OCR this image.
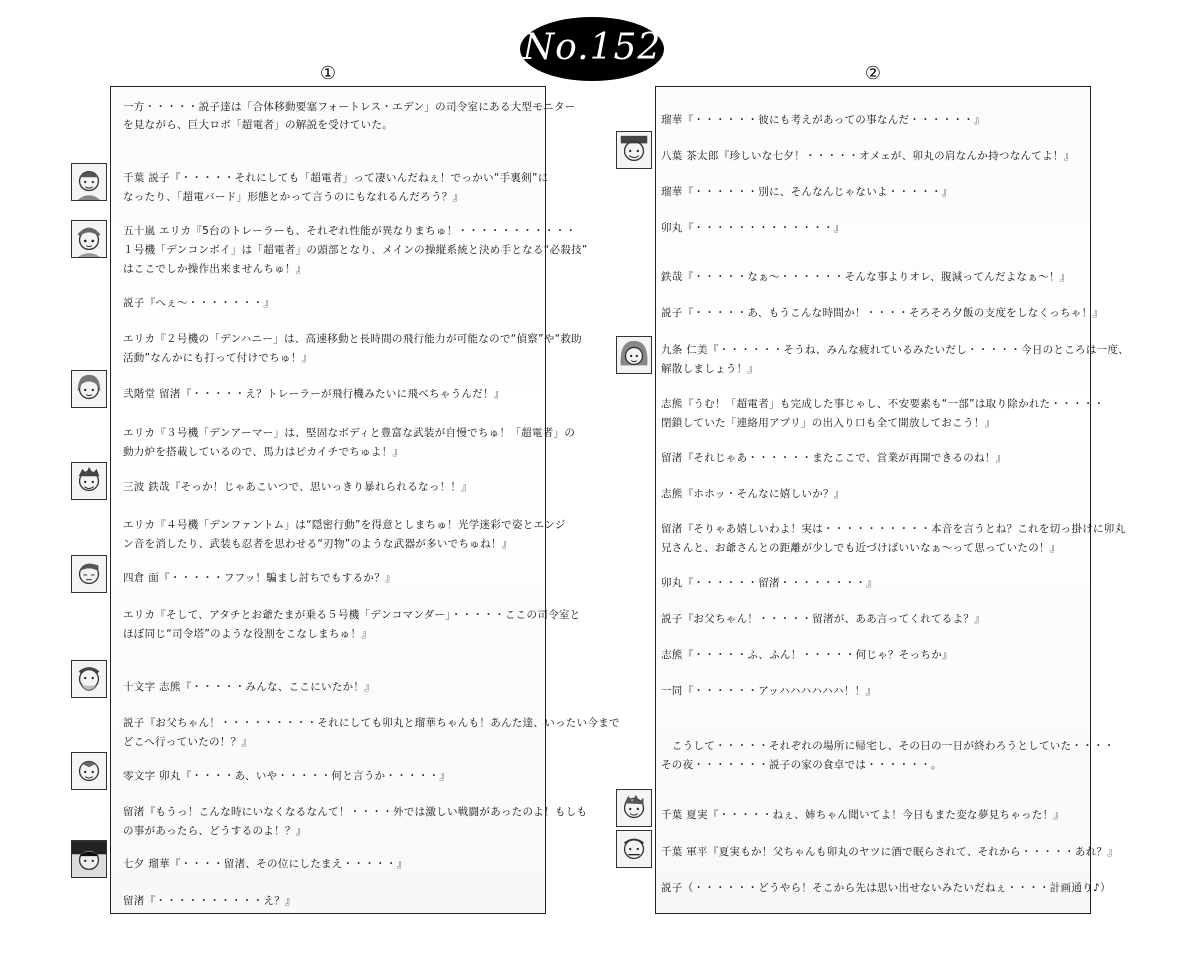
No.152
①	②
一方・・・・・説子達は「合体移動要塞フォートレス・エデン」の司令室にある大型モニター
を見ながら、巨大ロボ「超電者」の解説を受けていた。
千葉 説子『・・・・・それにしても「超電者」って凄いんだねぇ！でっかい“手裏剣”に
なったり、「超電バード」形態とかって言うのにもなれるんだろう？』
五十嵐 エリカ『5台のトレーラーも、それぞれ性能が異なりまちゅ！・・・・・・・・・・・
１号機「デンコンボイ」は「超電者」の頭部となり、メインの操縦系統と決め手となる“必殺技”
はここでしか操作出来ませんちゅ！』
説子『へぇ～・・・・・・・』
エリカ『２号機の「デンハニー」は、高速移動と長時間の飛行能力が可能なので“偵察”や“救助
活動”なんかにも打って付けでちゅ！』
弐階堂 留渚『・・・・・え？トレーラーが飛行機みたいに飛べちゃうんだ！』
エリカ『３号機「デンアーマー」は、堅固なボディと豊富な武装が自慢でちゅ！「超電者」の
動力炉を搭載しているので、馬力はピカイチでちゅよ！』
三波 鉄哉『そっか！じゃあこいつで、思いっきり暴れられるなっ！！』
エリカ『４号機「デンファントム」は“隠密行動”を得意としまちゅ！光学迷彩で姿とエンジ
ン音を消したり、武装も忍者を思わせる“刃物”のような武器が多いでちゅね！』
四倉 面『・・・・・フフッ！騙まし討ちでもするか？』
エリカ『そして、アタチとお爺たまが乗る５号機「デンコマンダー」・・・・・ここの司令室と
ほぼ同じ“司令塔”のような役割をこなしまちゅ！』
十文字 志熊『・・・・・みんな、ここにいたか！』
説子『お父ちゃん！・・・・・・・・・それにしても卯丸と瑠華ちゃんも！あんた達、いったい今まで
どこへ行っていたの！？』
零文字 卯丸『・・・・あ、いや・・・・・何と言うか・・・・・』
留渚『もうっ！こんな時にいなくなるなんて！・・・・外では激しい戦闘があったのよ！もしも
の事があったら、どうするのよ！？』
七夕 瑠華『・・・・留渚、その位にしたまえ・・・・・』
留渚『・・・・・・・・・・え？』
瑠華『・・・・・・彼にも考えがあっての事なんだ・・・・・・』
八葉 茶太郎『珍しいな七夕！・・・・・オメェが、卯丸の肩なんか持つなんてよ！』
瑠華『・・・・・・別に、そんなんじゃないよ・・・・・』
卯丸『・・・・・・・・・・・・・』
鉄哉『・・・・・なぁ～・・・・・・そんな事よりオレ、腹減ってんだよなぁ～！』
説子『・・・・・あ、もうこんな時間か！・・・・そろそろ夕飯の支度をしなくっちゃ！』
九条 仁美『・・・・・・そうね、みんな疲れているみたいだし・・・・・今日のところは一度、
解散しましょう！』
志熊『うむ！「超電者」も完成した事じゃし、不安要素も“一部”は取り除かれた・・・・・
閉鎖していた「連絡用アプリ」の出入り口も全て開放しておこう！』
留渚『それじゃあ・・・・・・またここで、営業が再開できるのね！』
志熊『ホホッ・そんなに嬉しいか？』
留渚『そりゃあ嬉しいわよ！実は・・・・・・・・・・本音を言うとね？これを切っ掛けに卯丸
兄さんと、お爺さんとの距離が少しでも近づけばいいなぁ～って思っていたの！』
卯丸『・・・・・・留渚・・・・・・・・』
説子『お父ちゃん！・・・・・留渚が、ああ言ってくれてるよ？』
志熊『・・・・・ふ、ふん！・・・・・何じゃ？そっちか』
一同『・・・・・・アッハハハハハハ！！』
　こうして・・・・・それぞれの場所に帰宅し、その日の一日が終わろうとしていた・・・・
その夜・・・・・・・説子の家の食卓では・・・・・・。
千葉 夏実『・・・・・ねぇ、姉ちゃん聞いてよ！今日もまた変な夢見ちゃった！』
千葉 軍平『夏実もか！父ちゃんも卯丸のヤツに酒で眠らされて、それから・・・・・あれ？』
説子（・・・・・・どうやら！そこから先は思い出せないみたいだねぇ・・・・計画通り♪）
